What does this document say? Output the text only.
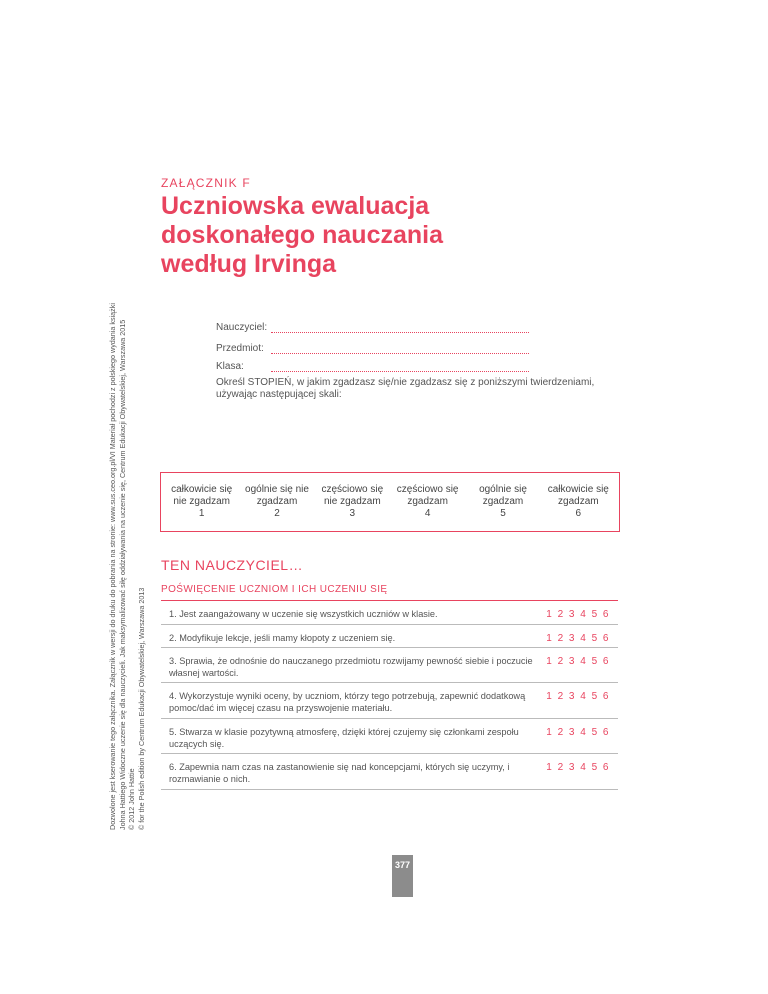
Dozwolone jest kserowanie tego załącznika. Załącznik w wersji do druku do pobrania na stronie: www.sus.ceo.org.pl/VI Materiał pochodzi z polskiego wydania książki Johna Hattiego Widoczne uczenie się dla nauczycieli. Jak maksymalizować siłę oddziaływania na uczenie się, Centrum Edukacji Obywatelskiej, Warszawa 2015 © 2012 John Hattie © for the Polish edition by Centrum Edukacji Obywatelskiej, Warszawa 2013
ZAŁĄCZNIK F
Uczniowska ewaluacja doskonałego nauczania według Irvinga
Nauczyciel:
Przedmiot:
Klasa:
Określ STOPIEŃ, w jakim zgadzasz się/nie zgadzasz się z poniższymi twierdzeniami, używając następującej skali:
całkowicie się nie zgadzam
1
ogólnie się nie zgadzam
2
częściowo się nie zgadzam
3
częściowo się zgadzam
4
ogólnie się zgadzam
5
całkowicie się zgadzam
6
TEN NAUCZYCIEL…
POŚWIĘCENIE UCZNIOM I ICH UCZENIU SIĘ
1. Jest zaangażowany w uczenie się wszystkich uczniów w klasie.	1 2 3 4 5 6
2. Modyfikuje lekcje, jeśli mamy kłopoty z uczeniem się.	1 2 3 4 5 6
3. Sprawia, że odnośnie do nauczanego przedmiotu rozwijamy pewność siebie i poczucie własnej wartości.
1 2 3 4 5 6
4. Wykorzystuje wyniki oceny, by uczniom, którzy tego potrzebują, zapewnić dodatkową pomoc/dać im więcej czasu na przyswojenie materiału.
1 2 3 4 5 6
5. Stwarza w klasie pozytywną atmosferę, dzięki której czujemy się członkami zespołu uczących się.
1 2 3 4 5 6
6. Zapewnia nam czas na zastanowienie się nad koncepcjami, których się uczymy, i rozmawianie o nich.
1 2 3 4 5 6
377
